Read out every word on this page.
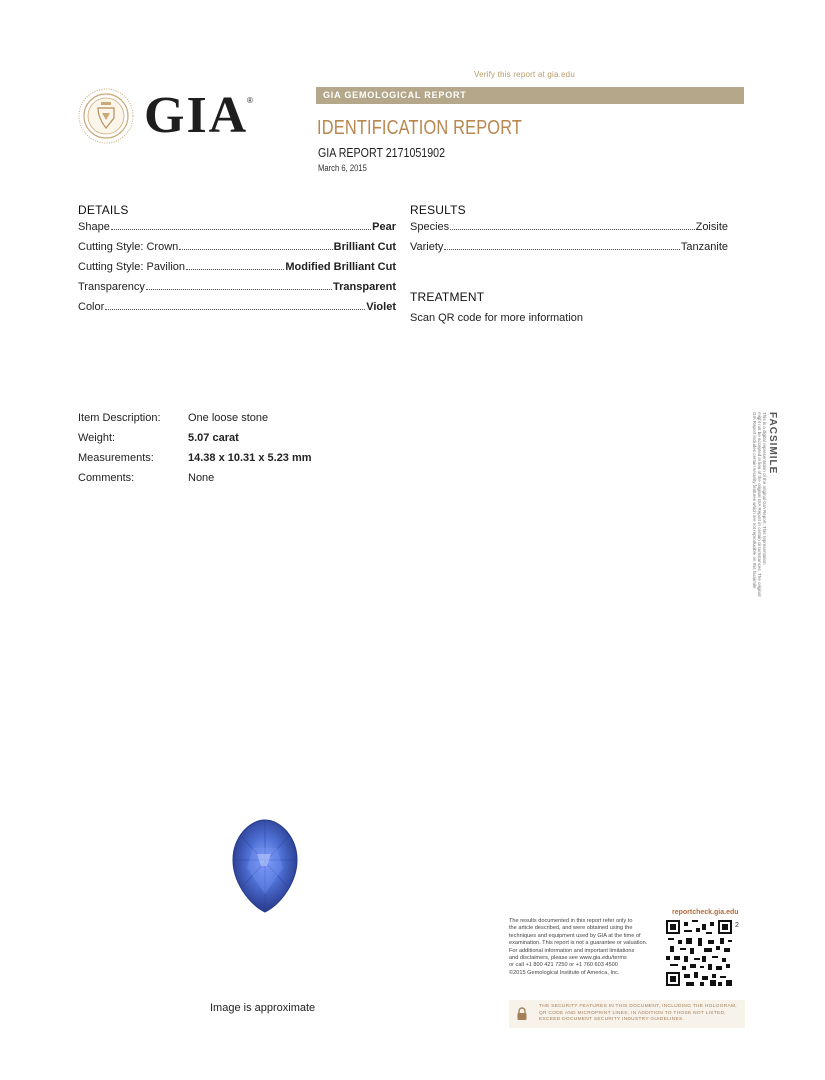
Verify this report at gia.edu
GIA GEMOLOGICAL REPORT
GIA
®
IDENTIFICATION REPORT
GIA REPORT 2171051902
March 6, 2015
DETAILS
Shape	Pear
Cutting Style: Crown	Brilliant Cut
Cutting Style: Pavilion	Modified Brilliant Cut
Transparency	Transparent
Color	Violet
RESULTS
Species	Zoisite
Variety	Tanzanite
TREATMENT
Scan QR code for more information
Item Description:	One loose stone
Weight:	5.07 carat
Measurements:	14.38 x 10.31 x 5.23 mm
Comments:	None
FACSIMILE
This is a digital representation of the original GIA Report. This representation
might not be accepted in lieu of the original GIA Report in certain circumstances. The original
GIA Report includes certain security features which are not reproducible on this facsimile
Image is approximate
The results documented in this report refer only to
the article described, and were obtained using the
techniques and equipment used by GIA at the time of
examination. This report is not a guarantee or valuation.
For additional information and important limitations
and disclaimers, please see www.gia.edu/terms
or call +1 800 421 7250 or +1 760 603 4500
©2015 Gemological Institute of America, Inc.
reportcheck.gia.edu
2
THE SECURITY FEATURES IN THIS DOCUMENT, INCLUDING THE HOLOGRAM, QR CODE AND MICROPRINT LINES, IN ADDITION TO THOSE NOT LISTED, EXCEED DOCUMENT SECURITY INDUSTRY GUIDELINES.
